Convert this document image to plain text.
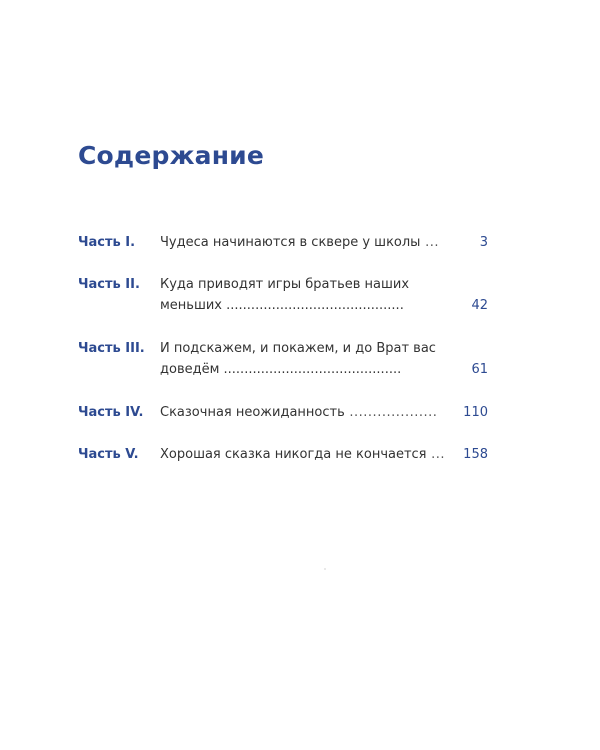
Содержание
Часть I. Чудеса начинаются в сквере у школы ...	3
Часть II. Куда приводят игры братьев наших
меньших ...........................................	42
Часть III. И подскажем, и покажем, и до Врат вас
доведём ...........................................	61
Часть IV. Сказочная неожиданность ...................	110
Часть V. Хорошая сказка никогда не кончается ...	158
